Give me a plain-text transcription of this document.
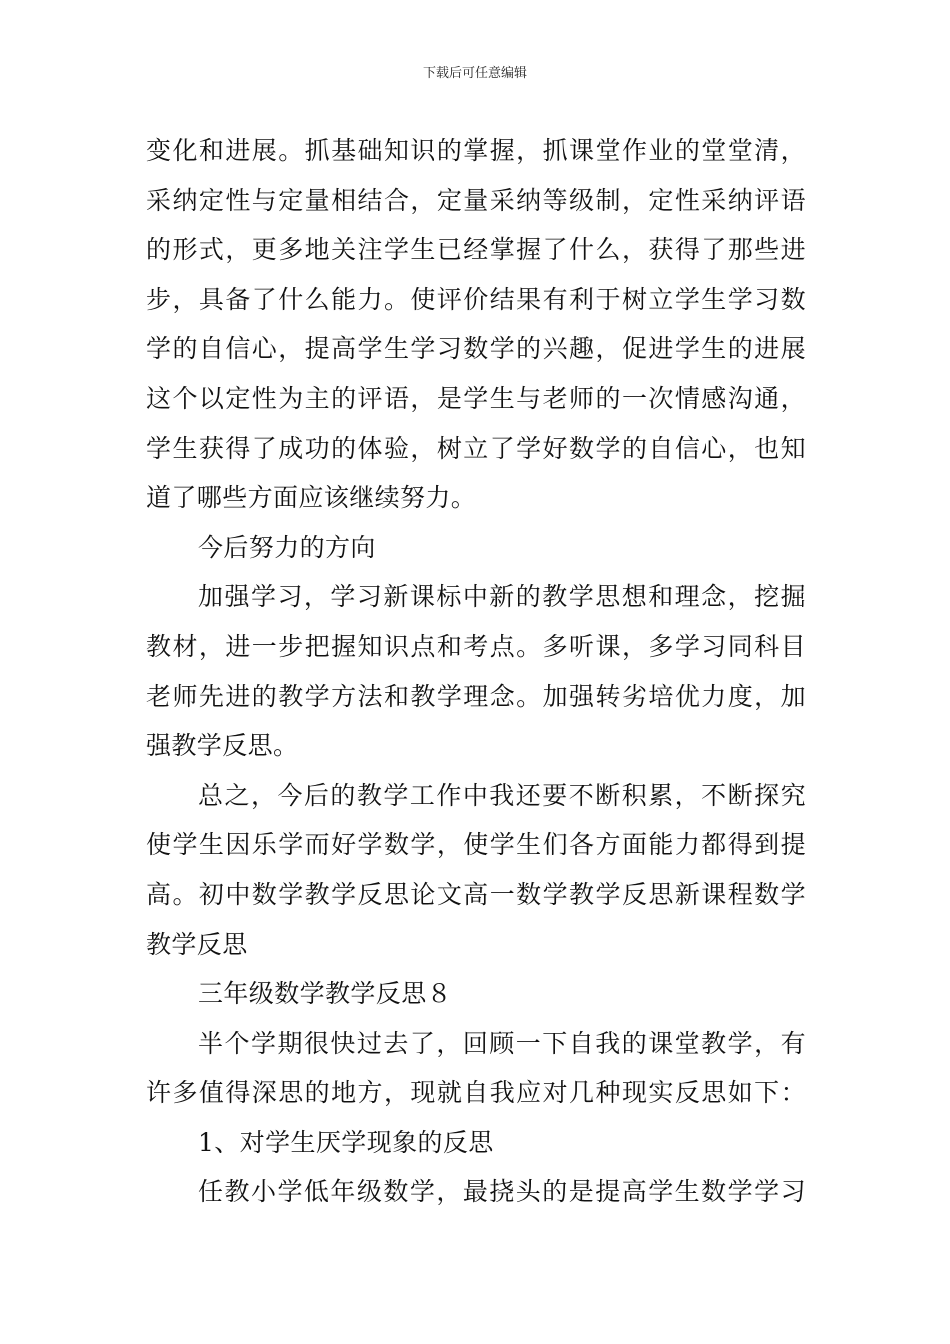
下载后可任意编辑
变化和进展。抓基础知识的掌握，抓课堂作业的堂堂清，
采纳定性与定量相结合，定量采纳等级制，定性采纳评语
的形式，更多地关注学生已经掌握了什么，获得了那些进
步，具备了什么能力。使评价结果有利于树立学生学习数
学的自信心，提高学生学习数学的兴趣，促进学生的进展
这个以定性为主的评语，是学生与老师的一次情感沟通，
学生获得了成功的体验，树立了学好数学的自信心，也知
道了哪些方面应该继续努力。
今后努力的方向
加强学习，学习新课标中新的教学思想和理念，挖掘
教材，进一步把握知识点和考点。多听课，多学习同科目
老师先进的教学方法和教学理念。加强转劣培优力度，加
强教学反思。
总之，今后的教学工作中我还要不断积累，不断探究
使学生因乐学而好学数学，使学生们各方面能力都得到提
高。初中数学教学反思论文高一数学教学反思新课程数学
教学反思
三年级数学教学反思８
半个学期很快过去了，回顾一下自我的课堂教学，有
许多值得深思的地方，现就自我应对几种现实反思如下：
1、对学生厌学现象的反思
任教小学低年级数学，最挠头的是提高学生数学学习
